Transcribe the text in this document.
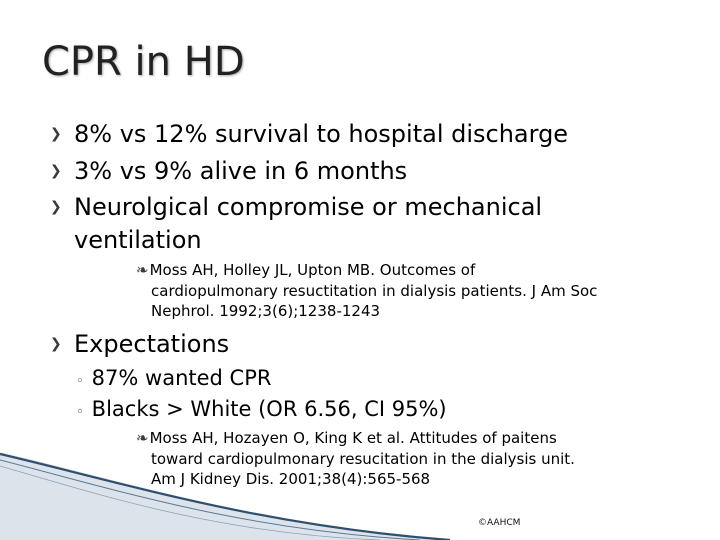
CPR in HD
❯ 8% vs 12% survival to hospital discharge
❯ 3% vs 9% alive in 6 months
❯ Neurolgical compromise or mechanical
ventilation
❧Moss AH, Holley JL, Upton MB. Outcomes of
cardiopulmonary resuctitation in dialysis patients. J Am Soc
Nephrol. 1992;3(6);1238-1243
❯ Expectations
◦ 87% wanted CPR
◦ Blacks > White (OR 6.56, CI 95%)
❧Moss AH, Hozayen O, King K et al. Attitudes of paitens
toward cardiopulmonary resucitation in the dialysis unit.
Am J Kidney Dis. 2001;38(4):565-568
©AAHCM
